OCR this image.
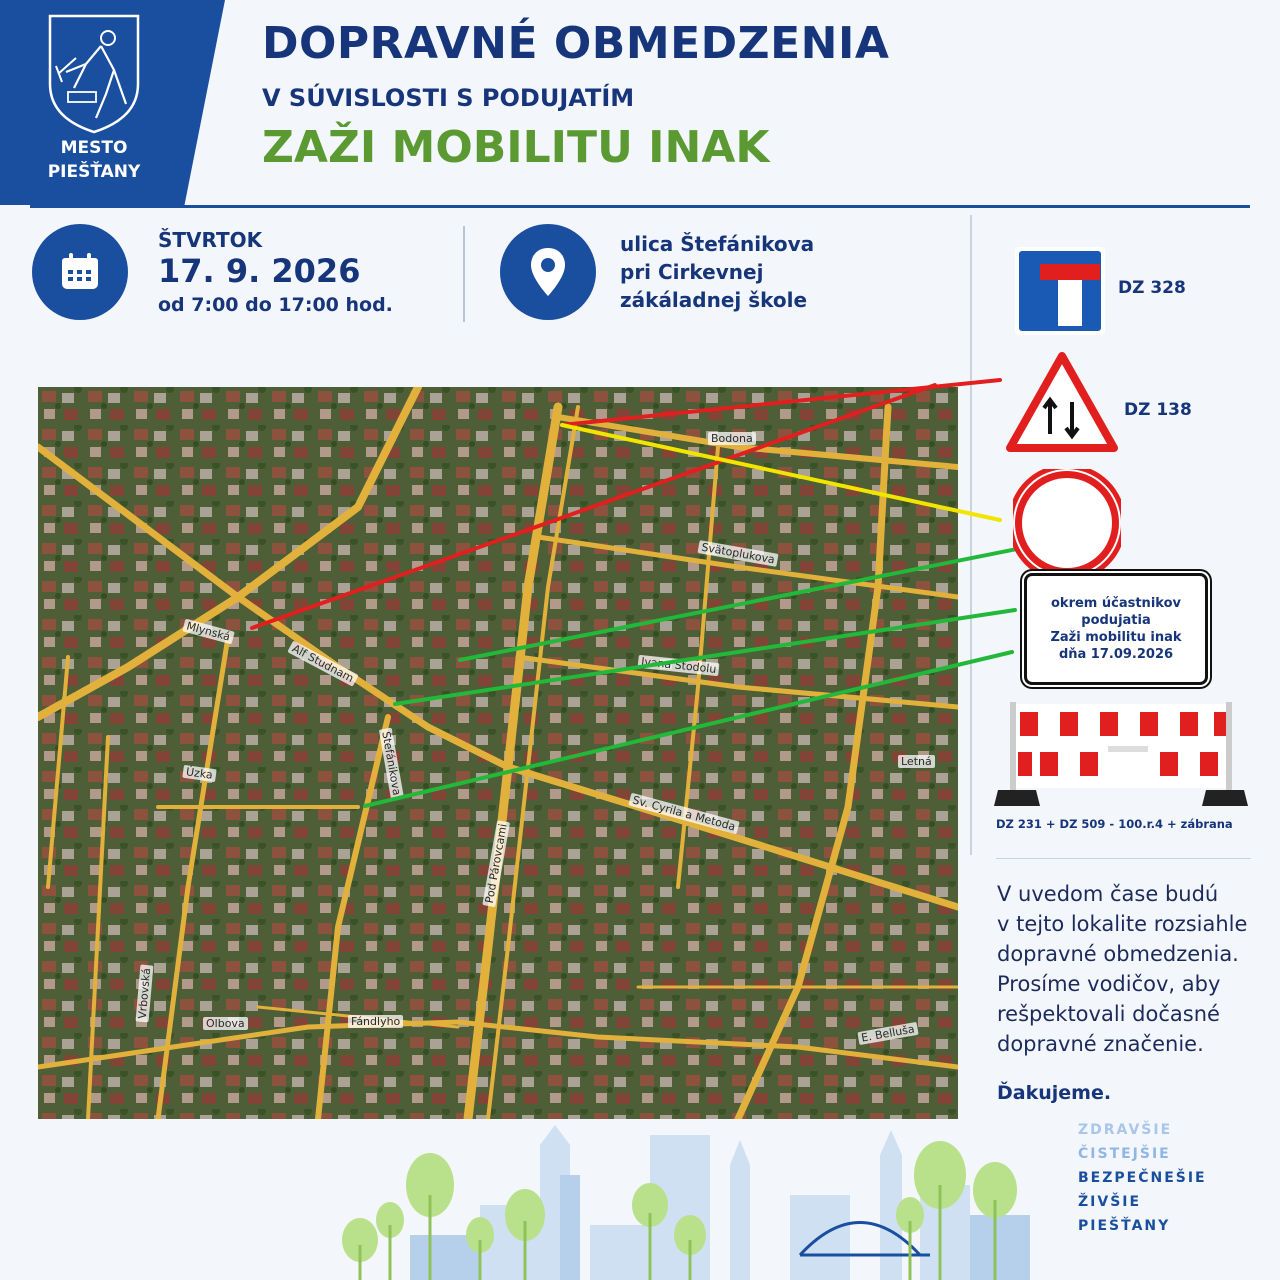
MESTO
PIEŠŤANY
DOPRAVNÉ OBMEDZENIA
V SÚVISLOSTI S PODUJATÍM
ZAŽI MOBILITU INAK
ŠTVRTOK
17. 9. 2026
od 7:00 do 17:00 hod.
ulica Štefánikova
pri Cirkevnej
zákáladnej škole
Bodona
Svätoplukova
Ivana Stodolu
Mlynská
Alf Studnam
Úzka	Štefánikova
Sv. Cyrila a Metoda
Pod Párovcami
Olbova	Fándlyho
E. Belluša
Letná
Vrbovská
DZ 328
DZ 138
okrem účastnikov
podujatia
Zaži mobilitu inak
dňa 17.09.2026
DZ 231 + DZ 509 - 100.r.4 + zábrana
V uvedom čase budú
v tejto lokalite rozsiahle
dopravné obmedzenia.
Prosíme vodičov, aby
rešpektovali dočasné
dopravné značenie.
Ďakujeme.
ZDRAVŠIE
ČISTEJŠIE
BEZPEČNEŠIE
ŽIVŠIE
PIEŠŤANY
